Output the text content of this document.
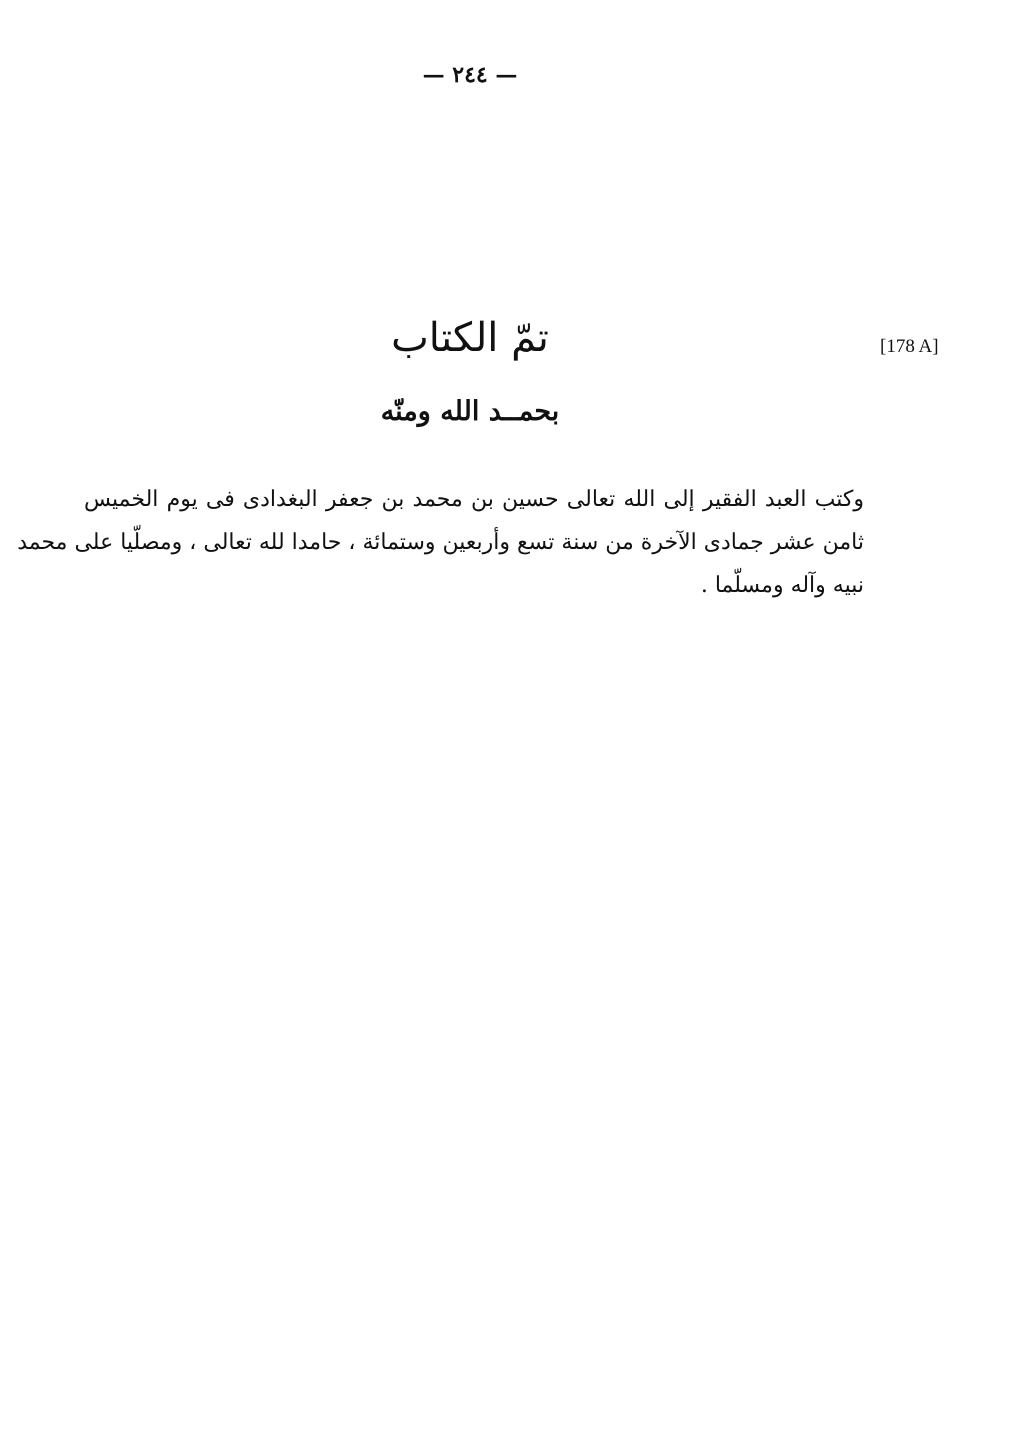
— ٢٤٤ —
[178 A]
تمّ الكتاب
بحمــد الله ومنّه
وكتب العبد الفقير إلى الله تعالى حسين بن محمد بن جعفر البغدادى فى يوم الخميس
ثامن عشر جمادى الآخرة من سنة تسع وأربعين وستمائة ، حامدا لله تعالى ، ومصلّيا على محمد
نبيه وآله ومسلّما .
